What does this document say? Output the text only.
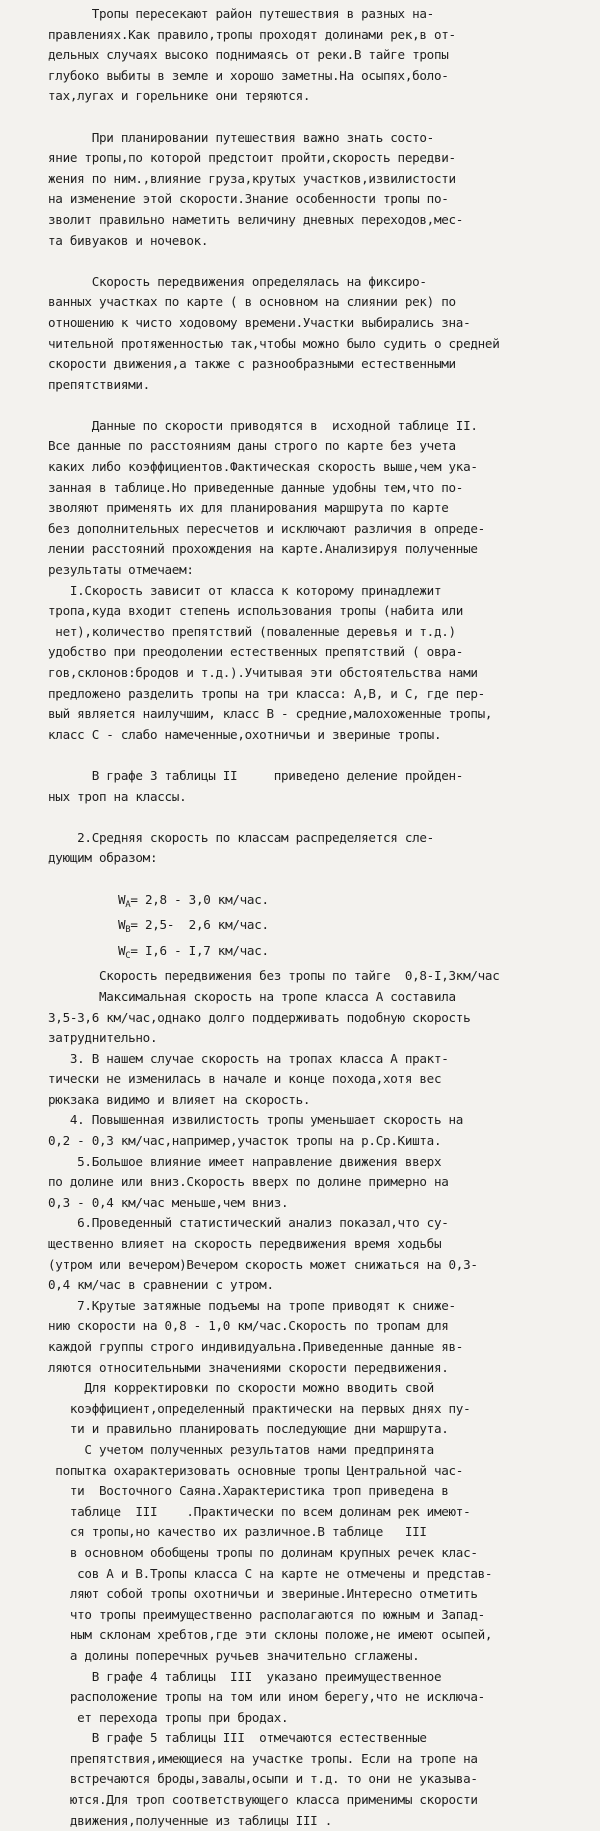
Тропы пересекают район путешествия в разных на-
правлениях.Как правило,тропы проходят долинами рек,в от-
дельных случаях высоко поднимаясь от реки.В тайге тропы
глубоко выбиты в земле и хорошо заметны.На осыпях,боло-
тах,лугах и горельнике они теряются.

При планировании путешествия важно знать состо-
яние тропы,по которой предстоит пройти,скорость передви-
жения по ним.,влияние груза,крутых участков,извилистости
на изменение этой скорости.Знание особенности тропы по-
зволит правильно наметить величину дневных переходов,мес-
та бивуаков и ночевок.

Скорость передвижения определялась на фиксиро-
ванных участках по карте ( в основном на слиянии рек) по
отношению к чисто ходовому времени.Участки выбирались зна-
чительной протяженностью так,чтобы можно было судить о средней
скорости движения,а также с разнообразными естественными
препятствиями.

Данные по скорости приводятся в  исходной таблице II.
Все данные по расстояниям даны строго по карте без учета
каких либо коэффициентов.Фактическая скорость выше,чем ука-
занная в таблице.Но приведенные данные удобны тем,что по-
зволяют применять их для планирования маршрута по карте
без дополнительных пересчетов и исключают различия в опреде-
лении расстояний прохождения на карте.Анализируя полученные
результаты отмечаем:
I.Скорость зависит от класса к которому принадлежит
тропа,куда входит степень использования тропы (набита или
нет),количество препятствий (поваленные деревья и т.д.)
удобство при преодолении естественных препятствий ( овра-
гов,склонов:бродов и т.д.).Учитывая эти обстоятельства нами
предложено разделить тропы на три класса: А,В, и С, где пер-
вый является наилучшим, класс В - средние,малохоженные тропы,
класс С - слабо намеченные,охотничьи и звериные тропы.

В графе 3 таблицы II     приведено деление пройден-
ных троп на классы.

2.Средняя скорость по классам распределяется сле-
дующим образом:

$W_A= 2,8 - 3,0$ км/час.
$W_B= 2,5-$  2,6 км/час.
$W_C= I,6 - I,7$ км/час.
Скорость передвижения без тропы по тайге  0,8-I,3км/час
Максимальная скорость на тропе класса А составила
3,5-3,6 км/час,однако долго поддерживать подобную скорость
затруднительно.
3. В нашем случае скорость на тропах класса А практ-
тически не изменилась в начале и конце похода,хотя вес
рюкзака видимо и влияет на скорость.
4. Повышенная извилистость тропы уменьшает скорость на
0,2 - 0,3 км/час,например,участок тропы на р.Ср.Кишта.
5.Большое влияние имеет направление движения вверх
по долине или вниз.Скорость вверх по долине примерно на
0,3 - 0,4 км/час меньше,чем вниз.
6.Проведенный статистический анализ показал,что су-
щественно влияет на скорость передвижения время ходьбы
(утром или вечером)Вечером скорость может снижаться на 0,3-
0,4 км/час в сравнении с утром.
7.Крутые затяжные подъемы на тропе приводят к сниже-
нию скорости на 0,8 - 1,0 км/час.Скорость по тропам для
каждой группы строго индивидуальна.Приведенные данные яв-
ляются относительными значениями скорости передвижения.
Для корректировки по скорости можно вводить свой
коэффициент,определенный практически на первых днях пу-
ти и правильно планировать последующие дни маршрута.
С учетом полученных результатов нами предпринята
попытка охарактеризовать основные тропы Центральной час-
ти  Восточного Саяна.Характеристика троп приведена в
таблице  III    .Практически по всем долинам рек имеют-
ся тропы,но качество их различное.В таблице   III
в основном обобщены тропы по долинам крупных речек клас-
сов А и В.Тропы класса С на карте не отмечены и представ-
ляют собой тропы охотничьи и звериные.Интересно отметить
что тропы преимущественно располагаются по южным и Запад-
ным склонам хребтов,где эти склоны положе,не имеют осыпей,
а долины поперечных ручьев значительно сглажены.
В графе 4 таблицы  III  указано преимущественное
расположение тропы на том или ином берегу,что не исключа-
ет перехода тропы при бродах.
В графе 5 таблицы III  отмечаются естественные
препятствия,имеющиеся на участке тропы. Если на тропе на
встречаются броды,завалы,осыпи и т.д. то они не указыва-
ются.Для троп соответствующего класса применимы скорости
движения,полученные из таблицы III .
